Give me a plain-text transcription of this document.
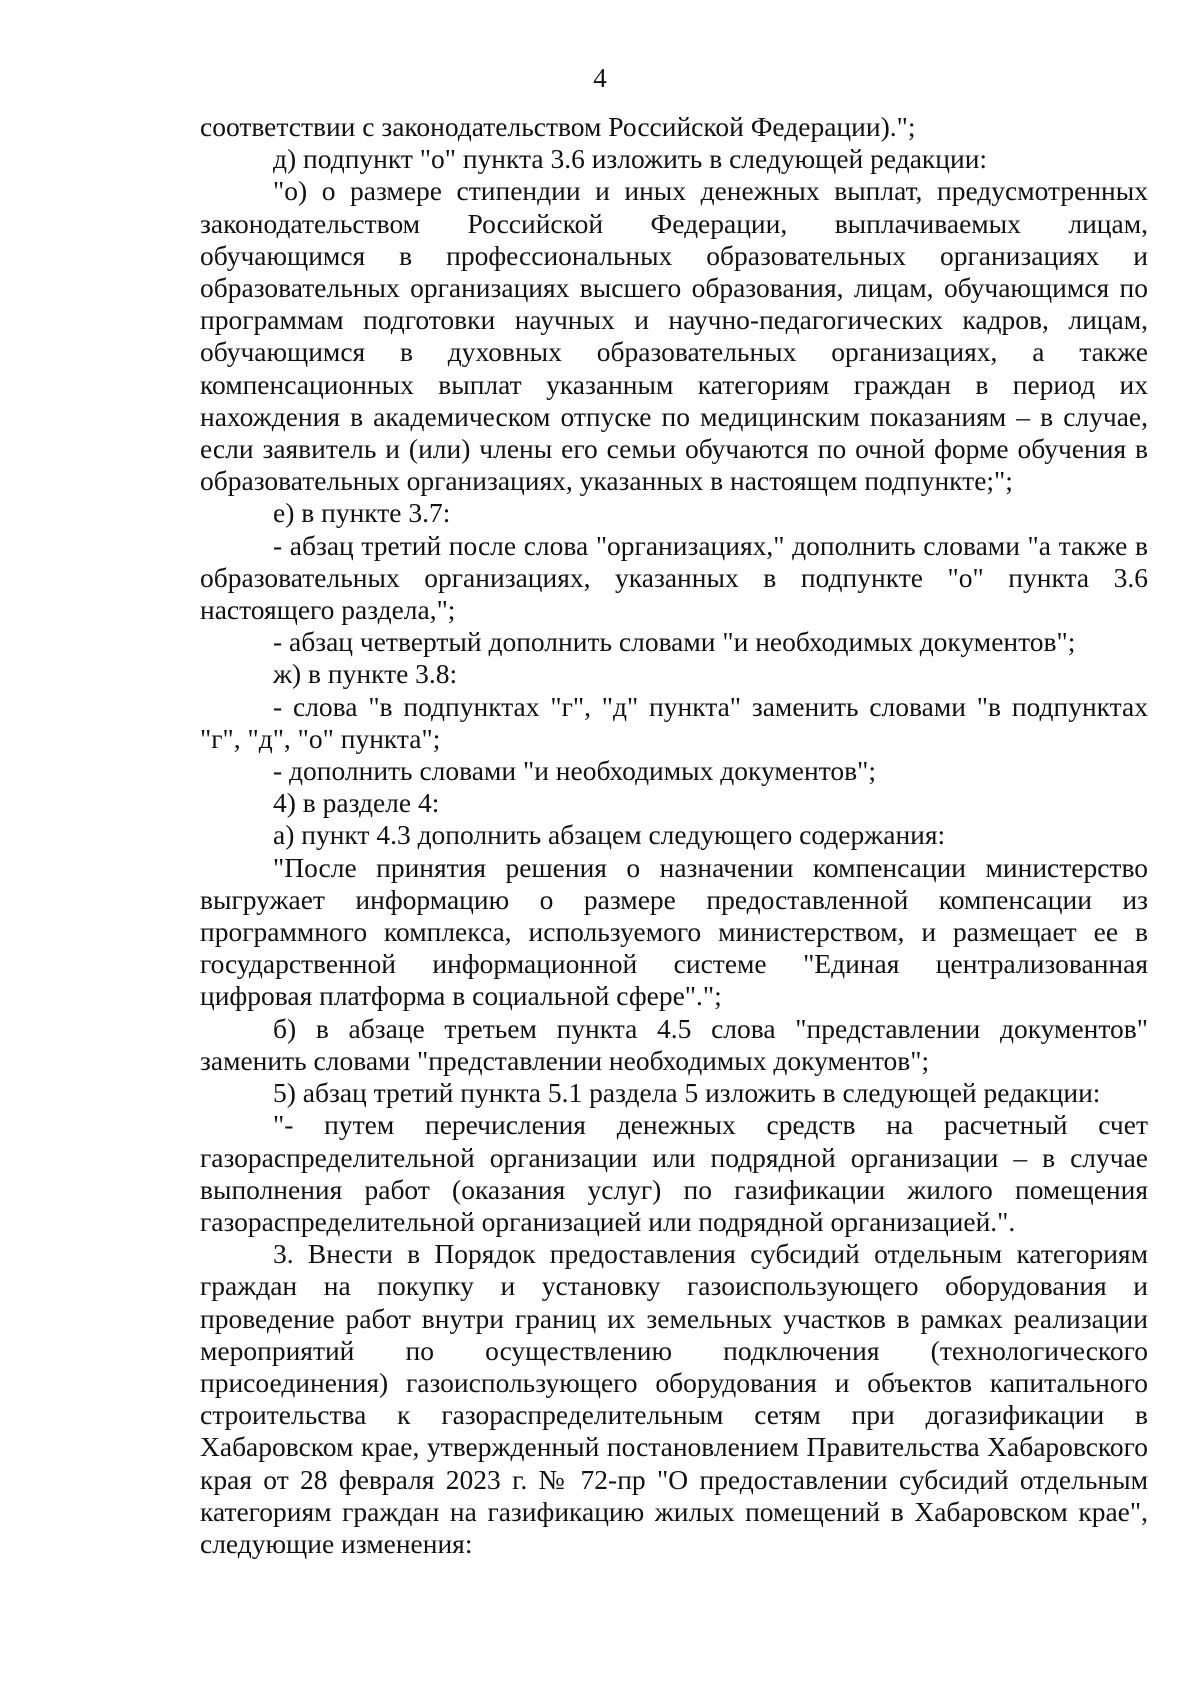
4

соответствии с законодательством Российской Федерации).";

д) подпункт "о" пункта 3.6 изложить в следующей редакции:

"о) о размере стипендии и иных денежных выплат, предусмотренных законодательством Российской Федерации, выплачиваемых лицам, обучающимся в профессиональных образовательных организациях и образовательных организациях высшего образования, лицам, обучающимся по программам подготовки научных и научно-педагогических кадров, лицам, обучающимся в духовных образовательных организациях, а также компенсационных выплат указанным категориям граждан в период их нахождения в академическом отпуске по медицинским показаниям – в случае, если заявитель и (или) члены его семьи обучаются по очной форме обучения в образовательных организациях, указанных в настоящем подпункте;";

е) в пункте 3.7:

- абзац третий после слова "организациях," дополнить словами "а также в образовательных организациях, указанных в подпункте "о" пункта 3.6 настоящего раздела,";

- абзац четвертый дополнить словами "и необходимых документов";

ж) в пункте 3.8:

- слова "в подпунктах "г", "д" пункта" заменить словами "в подпунктах "г", "д", "о" пункта";

- дополнить словами "и необходимых документов";

4) в разделе 4:

а) пункт 4.3 дополнить абзацем следующего содержания:

"После принятия решения о назначении компенсации министерство выгружает информацию о размере предоставленной компенсации из программного комплекса, используемого министерством, и размещает ее в государственной информационной системе "Единая централизованная цифровая платформа в социальной сфере".";

б) в абзаце третьем пункта 4.5 слова "представлении документов" заменить словами "представлении необходимых документов";

5) абзац третий пункта 5.1 раздела 5 изложить в следующей редакции:

"- путем перечисления денежных средств на расчетный счет газораспределительной организации или подрядной организации – в случае выполнения работ (оказания услуг) по газификации жилого помещения газораспределительной организацией или подрядной организацией.".

3. Внести в Порядок предоставления субсидий отдельным категориям граждан на покупку и установку газоиспользующего оборудования и проведение работ внутри границ их земельных участков в рамках реализации мероприятий по осуществлению подключения (технологического присоединения) газоиспользующего оборудования и объектов капитального строительства к газораспределительным сетям при догазификации в Хабаровском крае, утвержденный постановлением Правительства Хабаровского края от 28 февраля 2023 г. № 72-пр "О предоставлении субсидий отдельным категориям граждан на газификацию жилых помещений в Хабаровском крае", следующие изменения:
